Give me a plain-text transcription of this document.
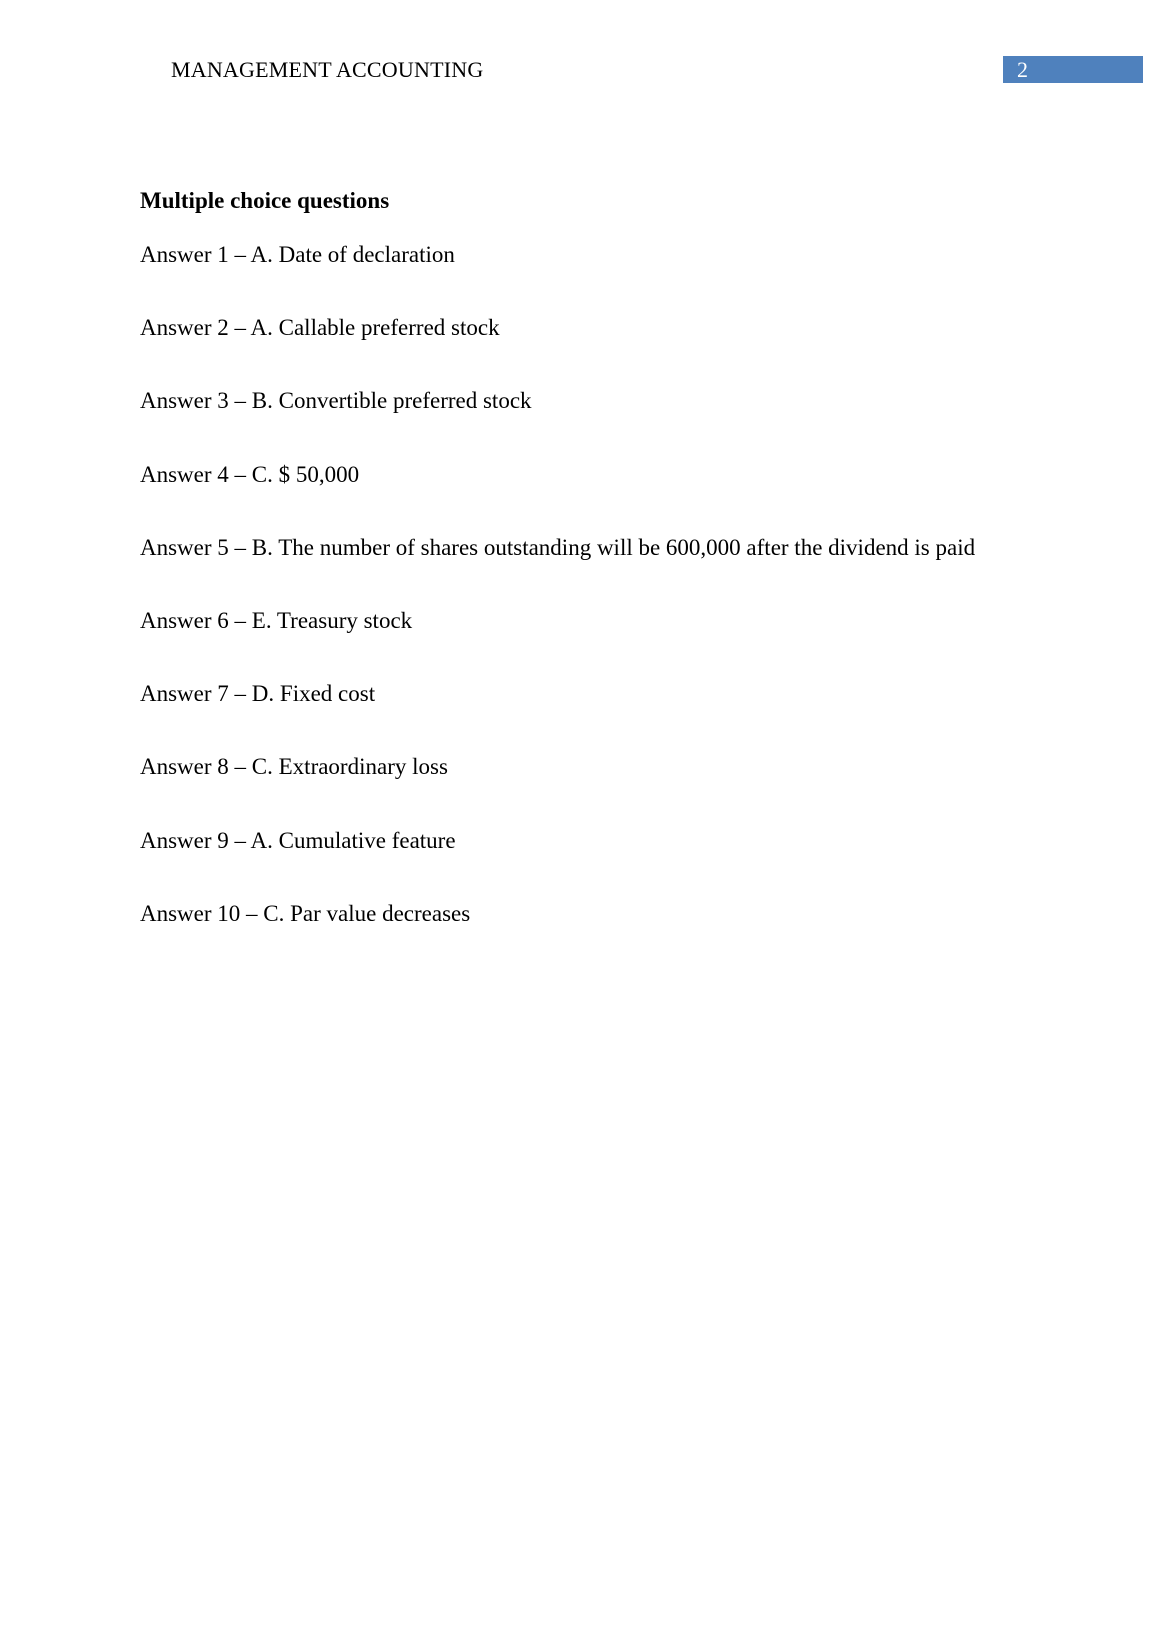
MANAGEMENT ACCOUNTING	2
Multiple choice questions
Answer 1 – A. Date of declaration
Answer 2 – A. Callable preferred stock
Answer 3 – B. Convertible preferred stock
Answer 4 – C. $ 50,000
Answer 5 – B. The number of shares outstanding will be 600,000 after the dividend is paid
Answer 6 – E. Treasury stock
Answer 7 – D. Fixed cost
Answer 8 – C. Extraordinary loss
Answer 9 – A. Cumulative feature
Answer 10 – C. Par value decreases
